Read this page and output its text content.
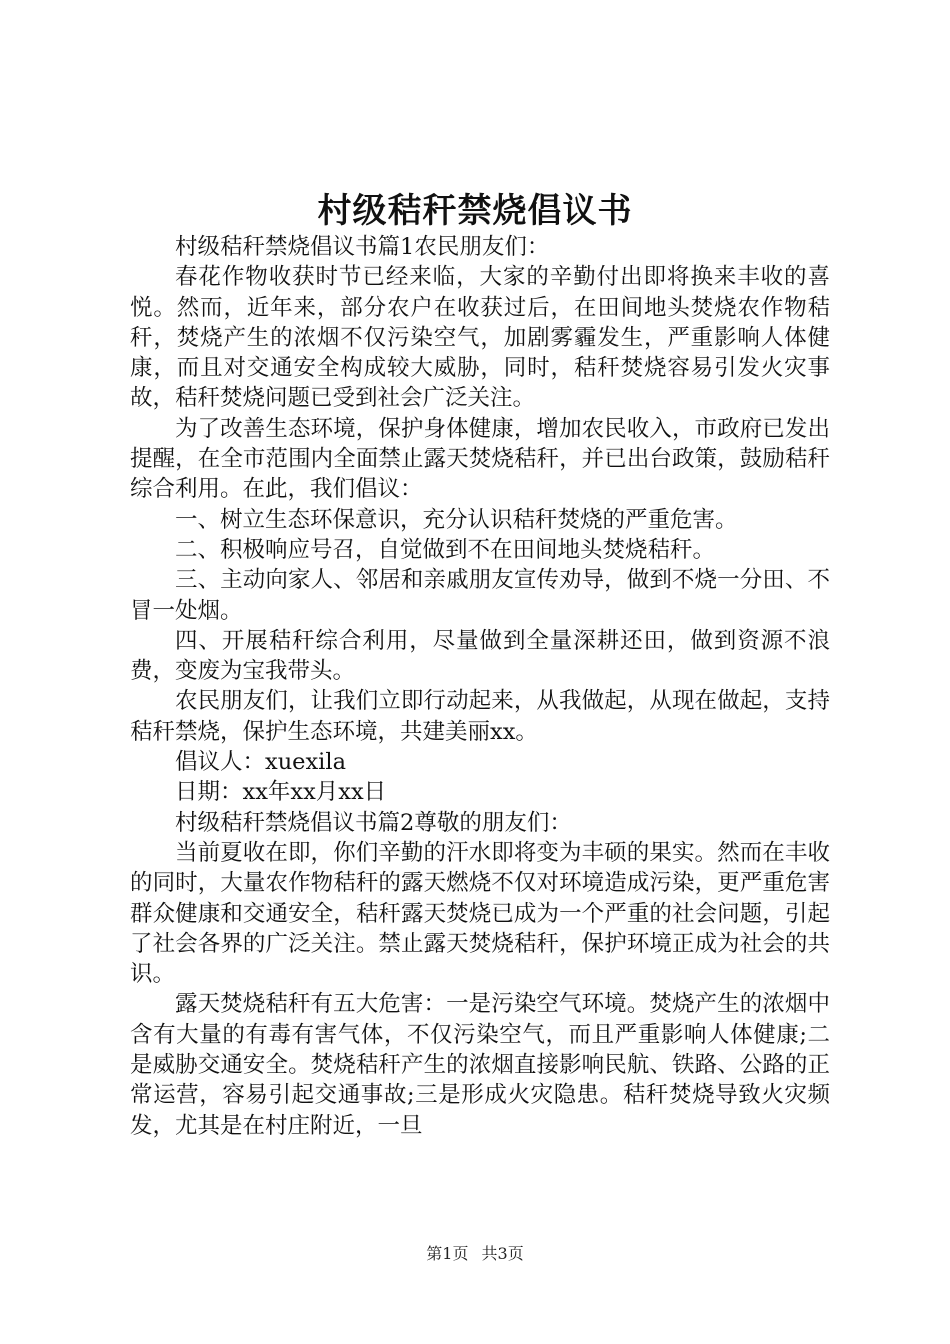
村级秸秆禁烧倡议书

村级秸秆禁烧倡议书篇1农民朋友们：

春花作物收获时节已经来临，大家的辛勤付出即将换来丰收的喜悦。然而，近年来，部分农户在收获过后，在田间地头焚烧农作物秸秆，焚烧产生的浓烟不仅污染空气，加剧雾霾发生，严重影响人体健康，而且对交通安全构成较大威胁，同时，秸秆焚烧容易引发火灾事故，秸秆焚烧问题已受到社会广泛关注。

为了改善生态环境，保护身体健康，增加农民收入，市政府已发出提醒，在全市范围内全面禁止露天焚烧秸秆，并已出台政策，鼓励秸秆综合利用。在此，我们倡议：

一、树立生态环保意识，充分认识秸秆焚烧的严重危害。

二、积极响应号召，自觉做到不在田间地头焚烧秸秆。

三、主动向家人、邻居和亲戚朋友宣传劝导，做到不烧一分田、不冒一处烟。

四、开展秸秆综合利用，尽量做到全量深耕还田，做到资源不浪费，变废为宝我带头。

农民朋友们，让我们立即行动起来，从我做起，从现在做起，支持秸秆禁烧，保护生态环境，共建美丽xx。

倡议人：xuexila

日期：xx年xx月xx日

村级秸秆禁烧倡议书篇2尊敬的朋友们：

当前夏收在即，你们辛勤的汗水即将变为丰硕的果实。然而在丰收的同时，大量农作物秸秆的露天燃烧不仅对环境造成污染，更严重危害群众健康和交通安全，秸秆露天焚烧已成为一个严重的社会问题，引起了社会各界的广泛关注。禁止露天焚烧秸秆，保护环境正成为社会的共识。

露天焚烧秸秆有五大危害：一是污染空气环境。焚烧产生的浓烟中含有大量的有毒有害气体，不仅污染空气，而且严重影响人体健康;二是威胁交通安全。焚烧秸秆产生的浓烟直接影响民航、铁路、公路的正常运营，容易引起交通事故;三是形成火灾隐患。秸秆焚烧导致火灾频发，尤其是在村庄附近，一旦

第1页 共3页
